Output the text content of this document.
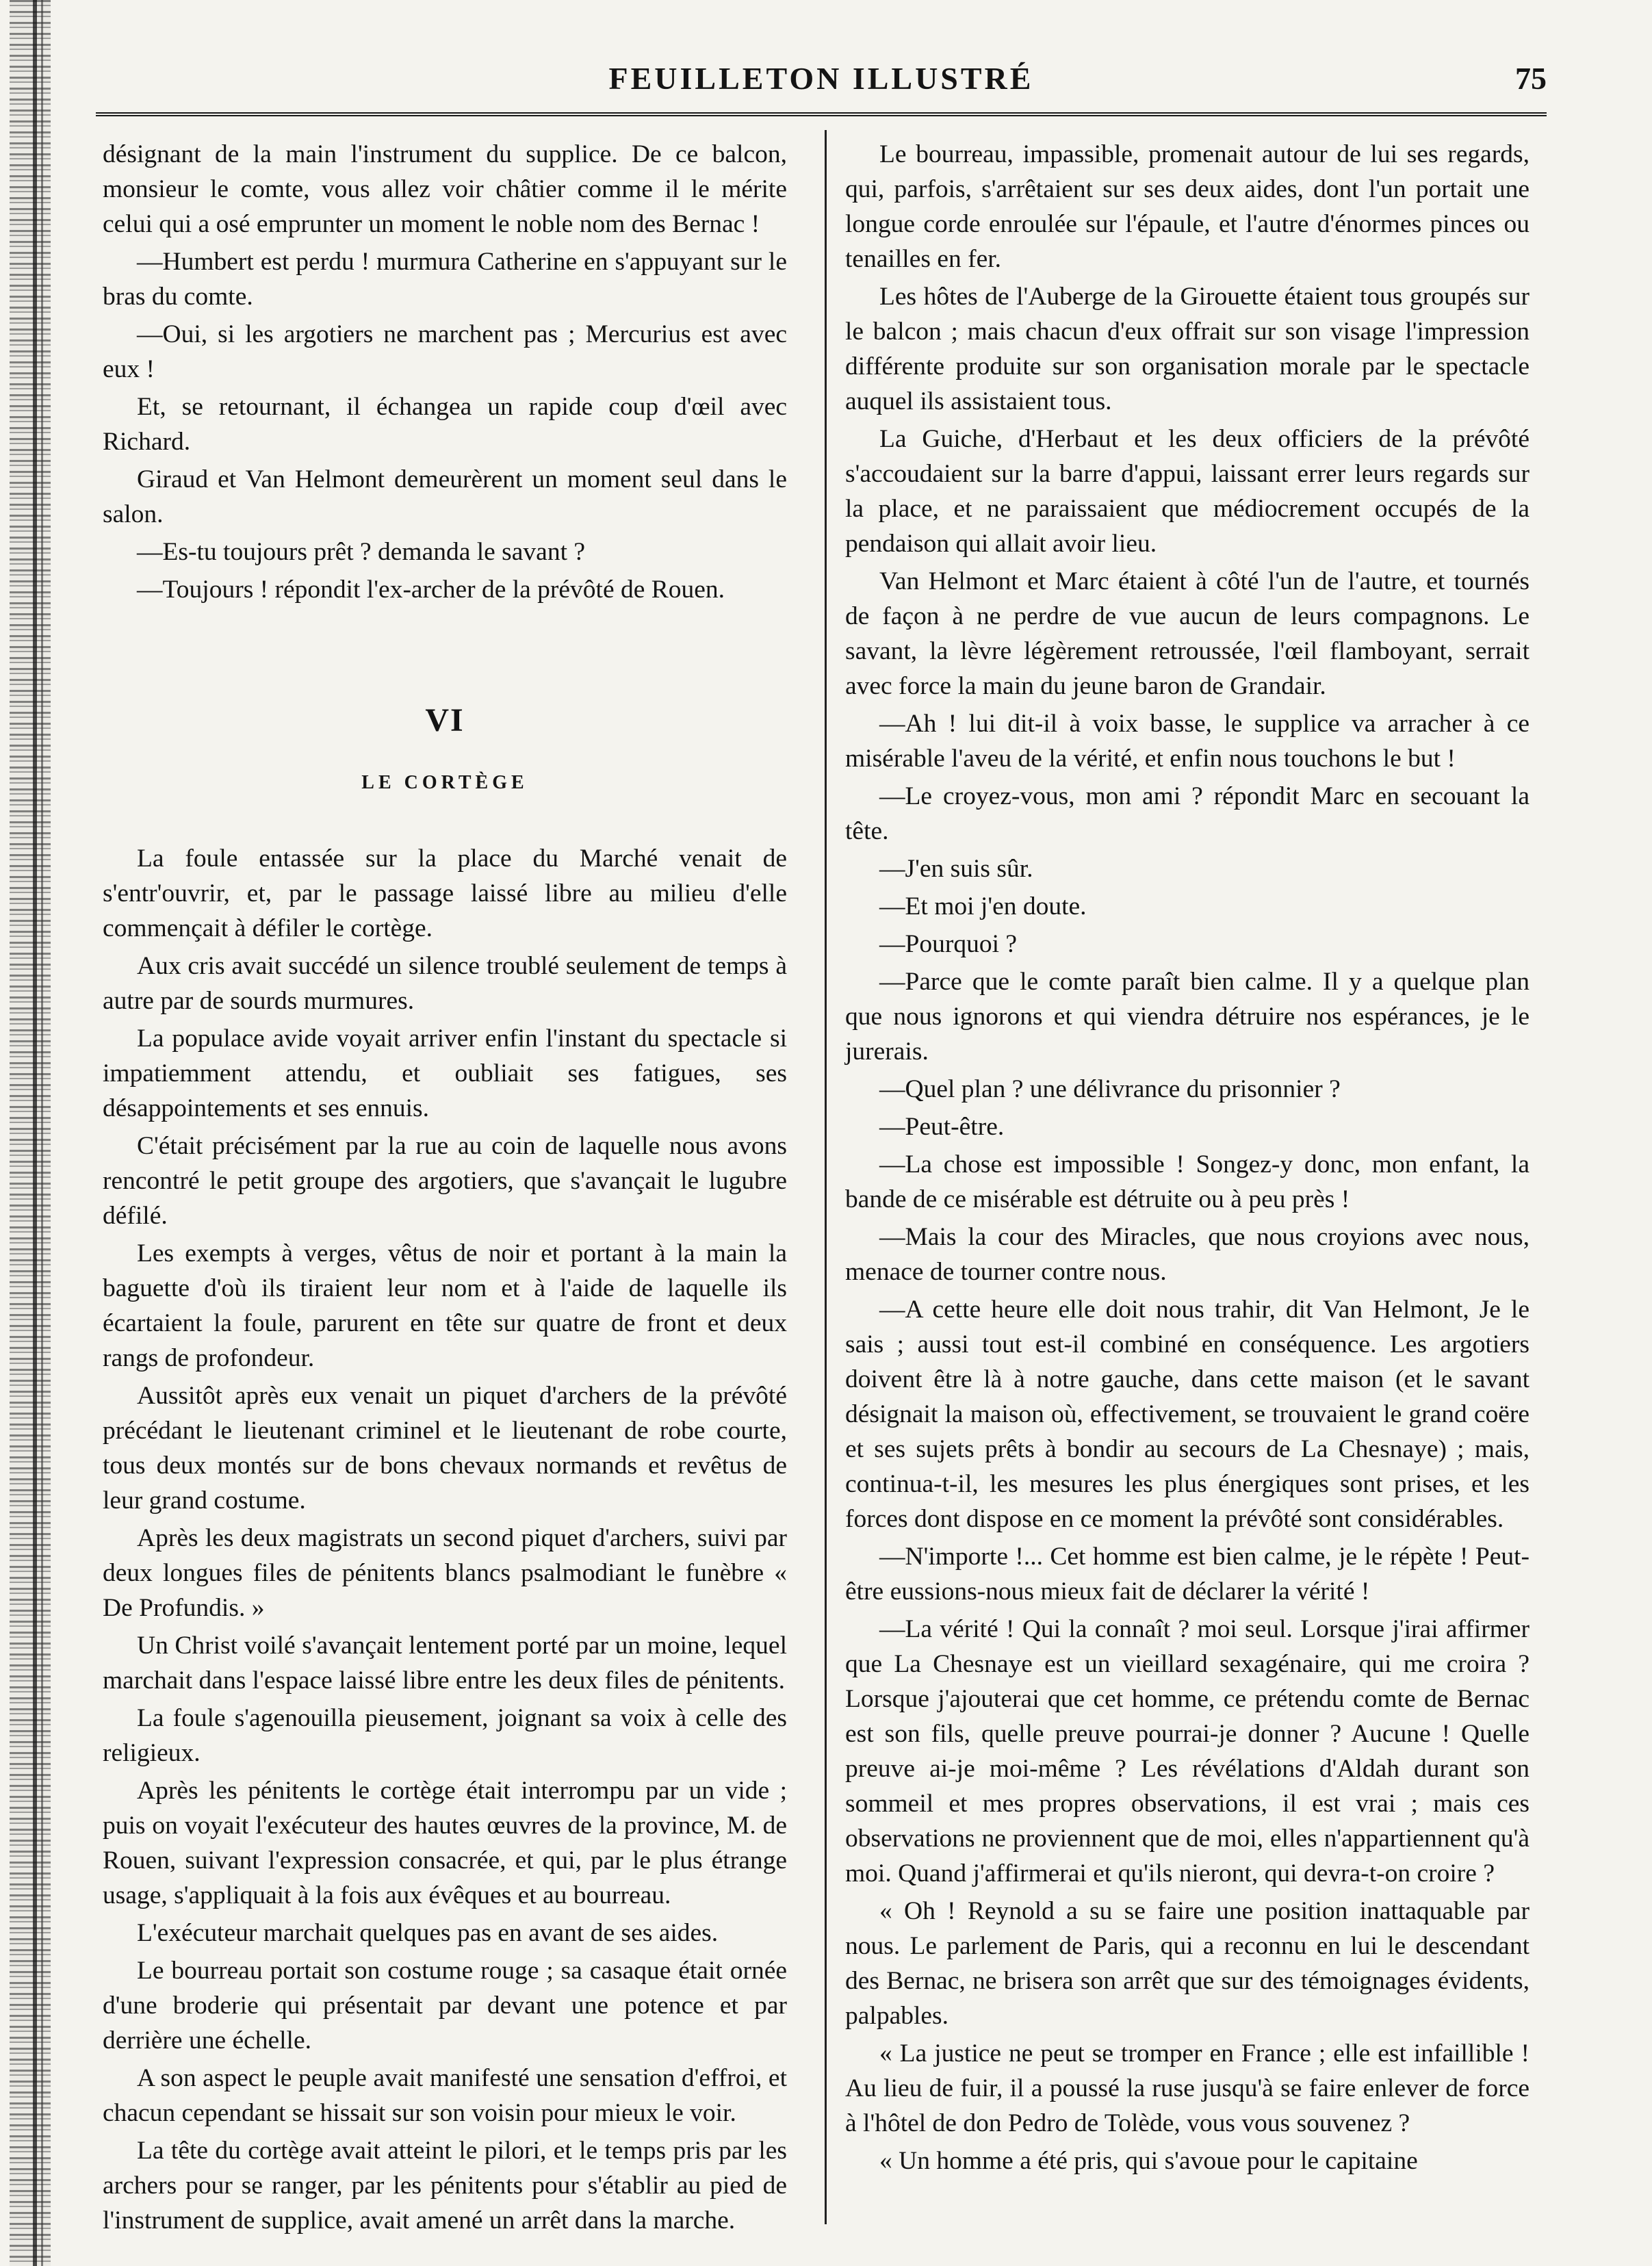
FEUILLETON ILLUSTRÉ	75

désignant de la main l'instrument du supplice. De ce balcon, monsieur le comte, vous allez voir châtier comme il le mérite celui qui a osé emprunter un moment le noble nom des Bernac !

—Humbert est perdu ! murmura Catherine en s'appuyant sur le bras du comte.

—Oui, si les argotiers ne marchent pas ; Mercurius est avec eux !

Et, se retournant, il échangea un rapide coup d'œil avec Richard.

Giraud et Van Helmont demeurèrent un moment seul dans le salon.

—Es-tu toujours prêt ? demanda le savant ?

—Toujours ! répondit l'ex-archer de la prévôté de Rouen.

VI
LE CORTÈGE

La foule entassée sur la place du Marché venait de s'entr'ouvrir, et, par le passage laissé libre au milieu d'elle commençait à défiler le cortège.

Aux cris avait succédé un silence troublé seulement de temps à autre par de sourds murmures.

La populace avide voyait arriver enfin l'instant du spectacle si impatiemment attendu, et oubliait ses fatigues, ses désappointements et ses ennuis.

C'était précisément par la rue au coin de laquelle nous avons rencontré le petit groupe des argotiers, que s'avançait le lugubre défilé.

Les exempts à verges, vêtus de noir et portant à la main la baguette d'où ils tiraient leur nom et à l'aide de laquelle ils écartaient la foule, parurent en tête sur quatre de front et deux rangs de profondeur.

Aussitôt après eux venait un piquet d'archers de la prévôté précédant le lieutenant criminel et le lieutenant de robe courte, tous deux montés sur de bons chevaux normands et revêtus de leur grand costume.

Après les deux magistrats un second piquet d'archers, suivi par deux longues files de pénitents blancs psalmodiant le funèbre « De Profundis. »

Un Christ voilé s'avançait lentement porté par un moine, lequel marchait dans l'espace laissé libre entre les deux files de pénitents.

La foule s'agenouilla pieusement, joignant sa voix à celle des religieux.

Après les pénitents le cortège était interrompu par un vide ; puis on voyait l'exécuteur des hautes œuvres de la province, M. de Rouen, suivant l'expression consacrée, et qui, par le plus étrange usage, s'appliquait à la fois aux évêques et au bourreau.

L'exécuteur marchait quelques pas en avant de ses aides.

Le bourreau portait son costume rouge ; sa casaque était ornée d'une broderie qui présentait par devant une potence et par derrière une échelle.

A son aspect le peuple avait manifesté une sensation d'effroi, et chacun cependant se hissait sur son voisin pour mieux le voir.

La tête du cortège avait atteint le pilori, et le temps pris par les archers pour se ranger, par les pénitents pour s'établir au pied de l'instrument de supplice, avait amené un arrêt dans la marche.

Le bourreau, impassible, promenait autour de lui ses regards, qui, parfois, s'arrêtaient sur ses deux aides, dont l'un portait une longue corde enroulée sur l'épaule, et l'autre d'énormes pinces ou tenailles en fer.

Les hôtes de l'Auberge de la Girouette étaient tous groupés sur le balcon ; mais chacun d'eux offrait sur son visage l'impression différente produite sur son organisation morale par le spectacle auquel ils assistaient tous.

La Guiche, d'Herbaut et les deux officiers de la prévôté s'accoudaient sur la barre d'appui, laissant errer leurs regards sur la place, et ne paraissaient que médiocrement occupés de la pendaison qui allait avoir lieu.

Van Helmont et Marc étaient à côté l'un de l'autre, et tournés de façon à ne perdre de vue aucun de leurs compagnons. Le savant, la lèvre légèrement retroussée, l'œil flamboyant, serrait avec force la main du jeune baron de Grandair.

—Ah ! lui dit-il à voix basse, le supplice va arracher à ce misérable l'aveu de la vérité, et enfin nous touchons le but !

—Le croyez-vous, mon ami ? répondit Marc en secouant la tête.

—J'en suis sûr.

—Et moi j'en doute.

—Pourquoi ?

—Parce que le comte paraît bien calme. Il y a quelque plan que nous ignorons et qui viendra détruire nos espérances, je le jurerais.

—Quel plan ? une délivrance du prisonnier ?

—Peut-être.

—La chose est impossible ! Songez-y donc, mon enfant, la bande de ce misérable est détruite ou à peu près !

—Mais la cour des Miracles, que nous croyions avec nous, menace de tourner contre nous.

—A cette heure elle doit nous trahir, dit Van Helmont, Je le sais ; aussi tout est-il combiné en conséquence. Les argotiers doivent être là à notre gauche, dans cette maison (et le savant désignait la maison où, effectivement, se trouvaient le grand coëre et ses sujets prêts à bondir au secours de La Chesnaye) ; mais, continua-t-il, les mesures les plus énergiques sont prises, et les forces dont dispose en ce moment la prévôté sont considérables.

—N'importe !... Cet homme est bien calme, je le répète ! Peut-être eussions-nous mieux fait de déclarer la vérité !

—La vérité ! Qui la connaît ? moi seul. Lorsque j'irai affirmer que La Chesnaye est un vieillard sexagénaire, qui me croira ? Lorsque j'ajouterai que cet homme, ce prétendu comte de Bernac est son fils, quelle preuve pourrai-je donner ? Aucune ! Quelle preuve ai-je moi-même ? Les révélations d'Aldah durant son sommeil et mes propres observations, il est vrai ; mais ces observations ne proviennent que de moi, elles n'appartiennent qu'à moi. Quand j'affirmerai et qu'ils nieront, qui devra-t-on croire ?

« Oh ! Reynold a su se faire une position inattaquable par nous. Le parlement de Paris, qui a reconnu en lui le descendant des Bernac, ne brisera son arrêt que sur des témoignages évidents, palpables.

« La justice ne peut se tromper en France ; elle est infaillible ! Au lieu de fuir, il a poussé la ruse jusqu'à se faire enlever de force à l'hôtel de don Pedro de Tolède, vous vous souvenez ?

« Un homme a été pris, qui s'avoue pour le capitaine
